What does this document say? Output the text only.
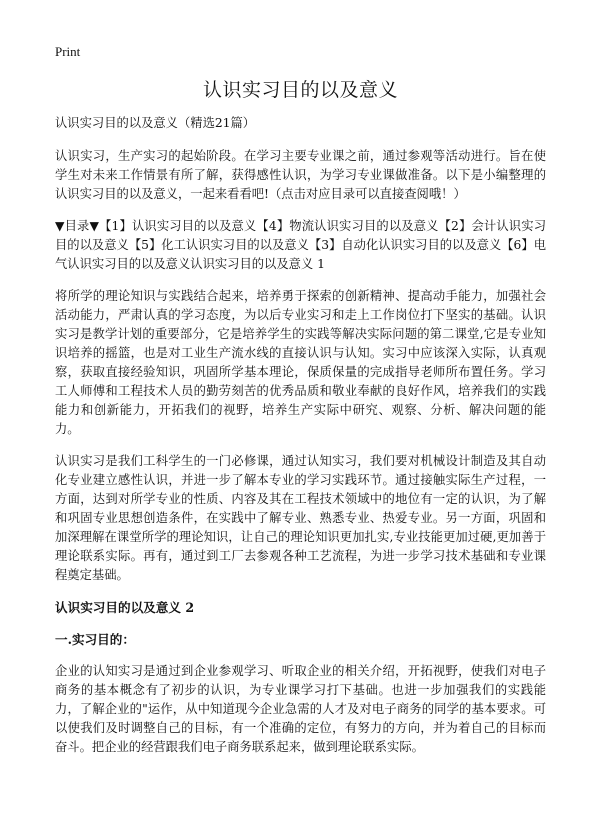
Print
认识实习目的以及意义

认识实习目的以及意义（精选21篇）

认识实习，生产实习的起始阶段。在学习主要专业课之前，通过参观等活动进行。旨在使学生对未来工作情景有所了解，获得感性认识，为学习专业课做准备。以下是小编整理的认识实习目的以及意义，一起来看看吧!（点击对应目录可以直接查阅哦！）

▼目录▼【1】认识实习目的以及意义【4】物流认识实习目的以及意义【2】会计认识实习目的以及意义【5】化工认识实习目的以及意义【3】自动化认识实习目的以及意义【6】电气认识实习目的以及意义认识实习目的以及意义 1

将所学的理论知识与实践结合起来，培养勇于探索的创新精神、提高动手能力，加强社会活动能力，严肃认真的学习态度，为以后专业实习和走上工作岗位打下坚实的基础。认识实习是教学计划的重要部分，它是培养学生的实践等解决实际问题的第二课堂,它是专业知识培养的摇篮，也是对工业生产流水线的直接认识与认知。实习中应该深入实际，认真观察，获取直接经验知识，巩固所学基本理论，保质保量的完成指导老师所布置任务。学习工人师傅和工程技术人员的勤劳刻苦的优秀品质和敬业奉献的良好作风，培养我们的实践能力和创新能力，开拓我们的视野，培养生产实际中研究、观察、分析、解决问题的能力。

认识实习是我们工科学生的一门必修课，通过认知实习，我们要对机械设计制造及其自动化专业建立感性认识，并进一步了解本专业的学习实践环节。通过接触实际生产过程，一方面，达到对所学专业的性质、内容及其在工程技术领域中的地位有一定的认识，为了解和巩固专业思想创造条件，在实践中了解专业、熟悉专业、热爱专业。另一方面，巩固和加深理解在课堂所学的理论知识，让自己的理论知识更加扎实,专业技能更加过硬,更加善于理论联系实际。再有，通过到工厂去参观各种工艺流程，为进一步学习技术基础和专业课程奠定基础。

认识实习目的以及意义 2
一.实习目的：

企业的认知实习是通过到企业参观学习、听取企业的相关介绍，开拓视野，使我们对电子商务的基本概念有了初步的认识，为专业课学习打下基础。也进一步加强我们的实践能力，了解企业的"运作，从中知道现今企业急需的人才及对电子商务的同学的基本要求。可以使我们及时调整自己的目标，有一个准确的定位，有努力的方向，并为着自己的目标而奋斗。把企业的经营跟我们电子商务联系起来，做到理论联系实际。
